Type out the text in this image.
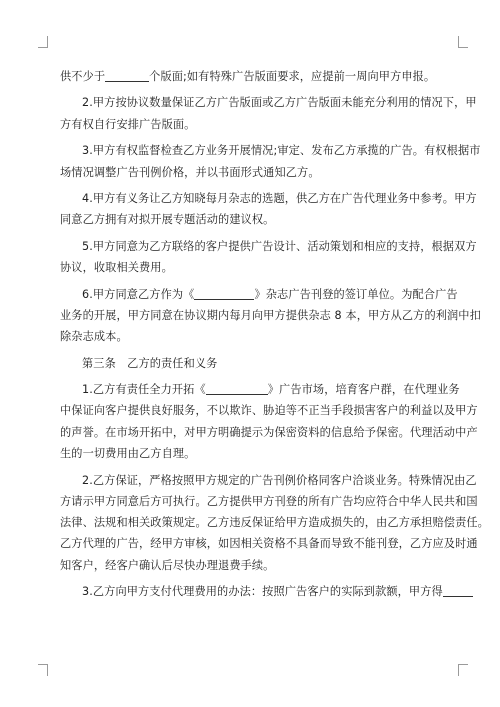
供不少于	个版面;如有特殊广告版面要求，应提前一周向甲方申报。

2.甲方按协议数量保证乙方广告版面或乙方广告版面未能充分利用的情况下，甲
方有权自行安排广告版面。

3.甲方有权监督检查乙方业务开展情况;审定、发布乙方承揽的广告。有权根据市
场情况调整广告刊例价格，并以书面形式通知乙方。

4.甲方有义务让乙方知晓每月杂志的选题，供乙方在广告代理业务中参考。甲方
同意乙方拥有对拟开展专题活动的建议权。

5.甲方同意为乙方联络的客户提供广告设计、活动策划和相应的支持，根据双方
协议，收取相关费用。

6.甲方同意乙方作为《	》杂志广告刊登的签订单位。为配合广告
业务的开展，甲方同意在协议期内每月向甲方提供杂志 8 本，甲方从乙方的利润中扣
除杂志成本。

第三条　乙方的责任和义务

1.乙方有责任全力开拓《	》广告市场，培育客户群，在代理业务
中保证向客户提供良好服务，不以欺诈、胁迫等不正当手段损害客户的利益以及甲方
的声誉。在市场开拓中，对甲方明确提示为保密资料的信息给予保密。代理活动中产
生的一切费用由乙方自理。

2.乙方保证，严格按照甲方规定的广告刊例价格同客户洽谈业务。特殊情况由乙
方请示甲方同意后方可执行。乙方提供甲方刊登的所有广告均应符合中华人民共和国
法律、法规和相关政策规定。乙方违反保证给甲方造成损失的，由乙方承担赔偿责任。
乙方代理的广告，经甲方审核，如因相关资格不具备而导致不能刊登，乙方应及时通
知客户，经客户确认后尽快办理退费手续。

3.乙方向甲方支付代理费用的办法：按照广告客户的实际到款额，甲方得
